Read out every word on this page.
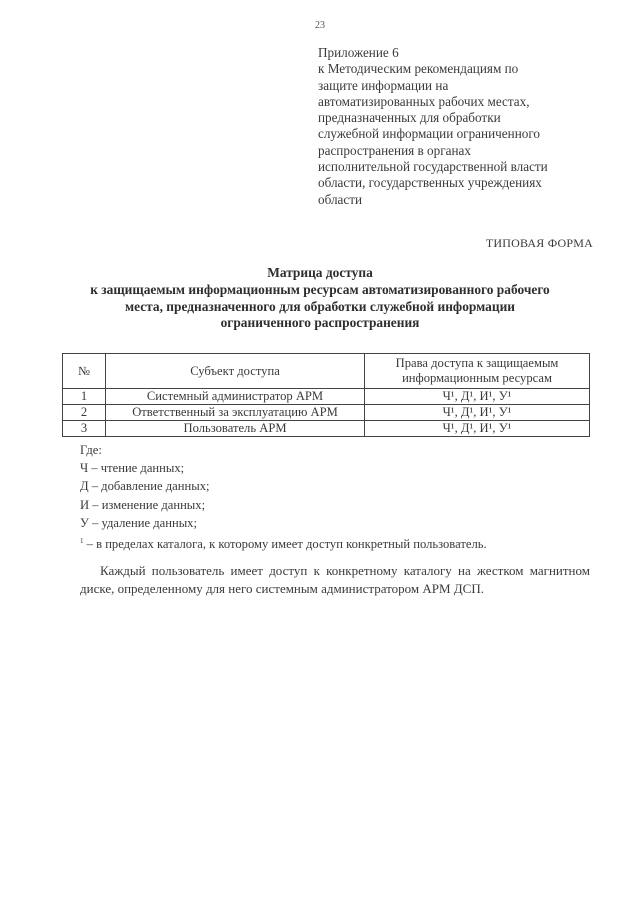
23
Приложение 6
к Методическим рекомендациям по
защите информации на
автоматизированных рабочих местах,
предназначенных для обработки
служебной информации ограниченного
распространения в органах
исполнительной государственной власти
области, государственных учреждениях
области
ТИПОВАЯ ФОРМА
Матрица доступа
к защищаемым информационным ресурсам автоматизированного рабочего
места, предназначенного для обработки служебной информации
ограниченного распространения
№	Субъект доступа	Права доступа к защищаемым
информационным ресурсам
1	Системный администратор АРМ	Ч¹, Д¹, И¹, У¹
2	Ответственный за эксплуатацию АРМ	Ч¹, Д¹, И¹, У¹
3	Пользователь АРМ	Ч¹, Д¹, И¹, У¹
Где:
Ч – чтение данных;
Д – добавление данных;
И – изменение данных;
У – удаление данных;
$^1$ – в пределах каталога, к которому имеет доступ конкретный пользователь.
Каждый пользователь имеет доступ к конкретному каталогу на жестком магнитном диске, определенному для него системным администратором АРМ ДСП.
